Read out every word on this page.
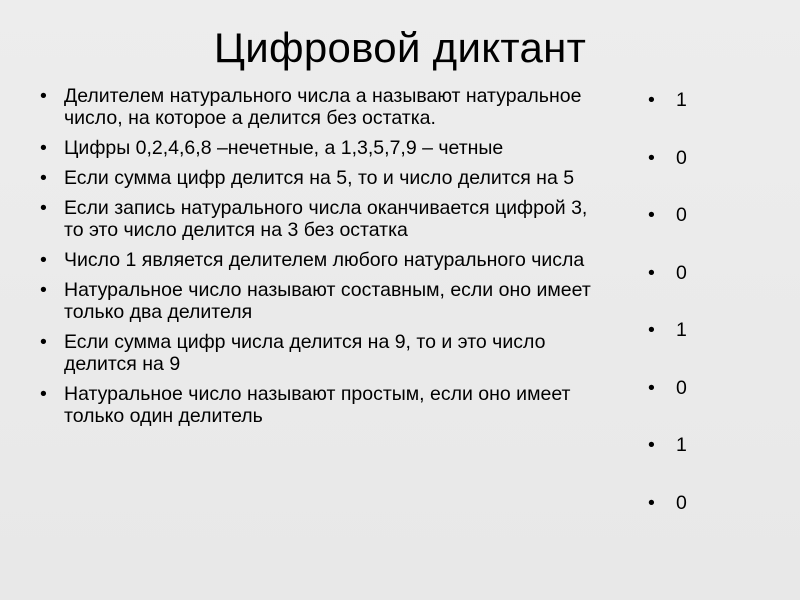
Цифровой диктант
• Делителем натурального числа a называют натуральное число, на которое a делится без остатка.
• Цифры 0,2,4,6,8 –нечетные, а 1,3,5,7,9 – четные
• Если сумма цифр делится на 5, то и число делится на 5
• Если запись натурального числа оканчивается цифрой 3, то это число делится на 3 без остатка
• Число 1 является делителем любого натурального числа
• Натуральное число называют составным, если оно имеет только два делителя
• Если сумма цифр числа делится на 9, то и это число делится на 9
• Натуральное число называют простым, если оно имеет только один делитель
• 1
• 0
• 0
• 0
• 1
• 0
• 1
• 0
